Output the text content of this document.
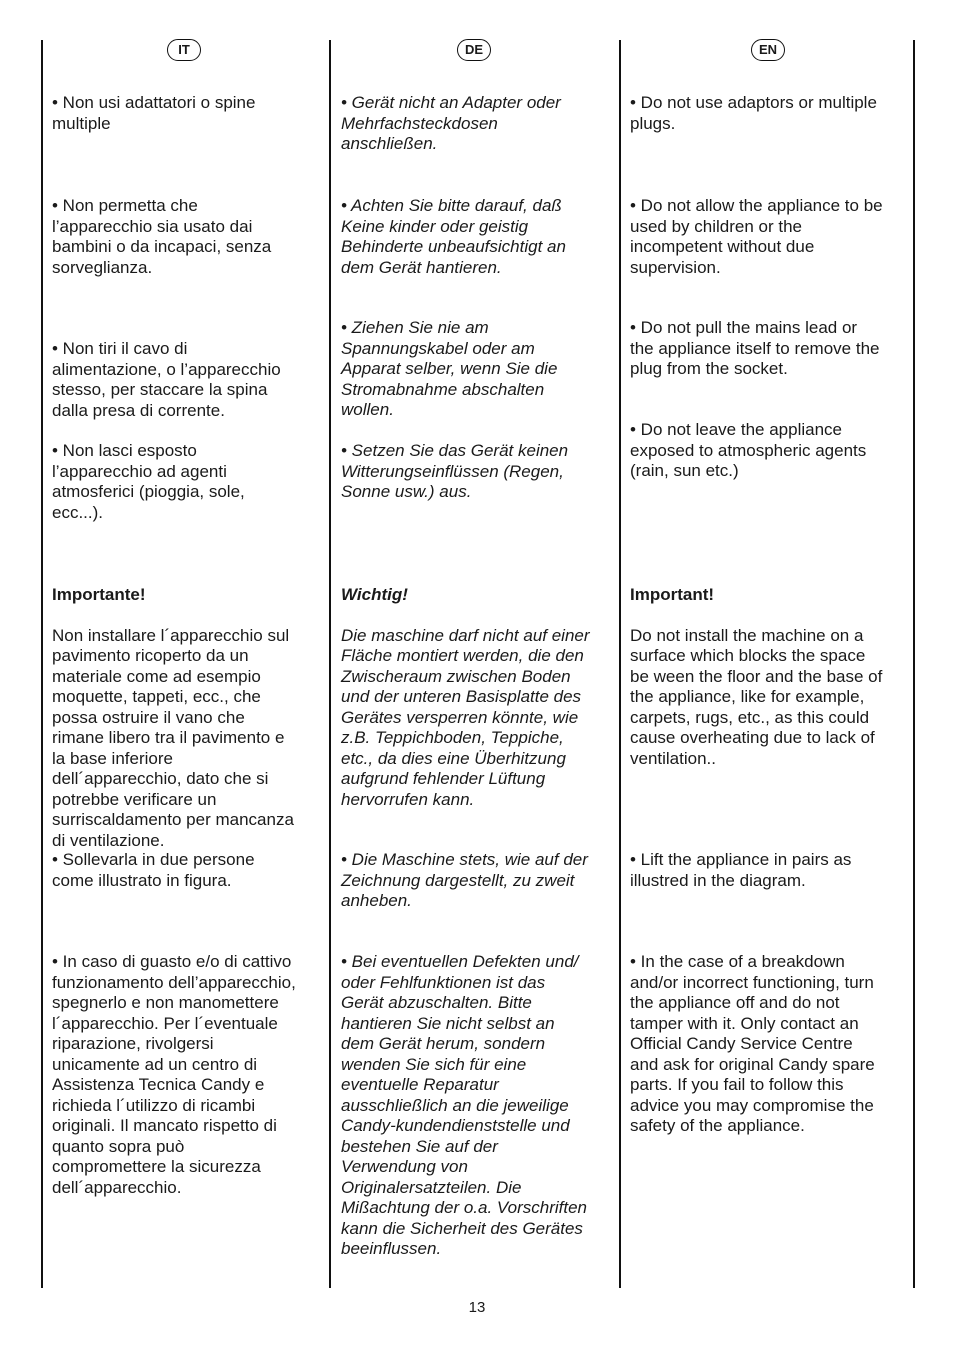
IT	DE	EN
• Non usi adattatori o spine
multiple
• Non permetta che
l’apparecchio sia usato dai
bambini o da incapaci, senza
sorveglianza.
• Non tiri il cavo di
alimentazione, o l’apparecchio
stesso, per staccare la spina
dalla presa di corrente.
• Non lasci esposto
l’apparecchio ad agenti
atmosferici (pioggia, sole,
ecc...).

Importante!

Non installare l´apparecchio sul
pavimento ricoperto da un
materiale come ad esempio
moquette, tappeti, ecc., che
possa ostruire il vano che
rimane libero tra il pavimento e
la base inferiore
dell´apparecchio, dato che si
potrebbe verificare un
surriscaldamento per mancanza
di ventilazione.

• Sollevarla in due persone
come illustrato in figura.
• In caso di guasto e/o di cattivo
funzionamento dell’apparecchio,
spegnerlo e non manomettere
l´apparecchio. Per l´eventuale
riparazione, rivolgersi
unicamente ad un centro di
Assistenza Tecnica Candy e
richieda l´utilizzo di ricambi
originali. Il mancato rispetto di
quanto sopra può
compromettere la sicurezza
dell´apparecchio.
• Gerät nicht an Adapter oder
Mehrfachsteckdosen
anschließen.
• Achten Sie bitte darauf, daß
Keine kinder oder geistig
Behinderte unbeaufsichtigt an
dem Gerät hantieren.
• Ziehen Sie nie am
Spannungskabel oder am
Apparat selber, wenn Sie die
Stromabnahme abschalten
wollen.
• Setzen Sie das Gerät keinen
Witterungseinflüssen (Regen,
Sonne usw.) aus.

Wichtig!

Die maschine darf nicht auf einer
Fläche montiert werden, die den
Zwischeraum zwischen Boden
und der unteren Basisplatte des
Gerätes versperren könnte, wie
z.B. Teppichboden, Teppiche,
etc., da dies eine Überhitzung
aufgrund fehlender Lüftung
hervorrufen kann.

• Die Maschine stets, wie auf der
Zeichnung dargestellt, zu zweit
anheben.
• Bei eventuellen Defekten und/
oder Fehlfunktionen ist das
Gerät abzuschalten. Bitte
hantieren Sie nicht selbst an
dem Gerät herum, sondern
wenden Sie sich für eine
eventuelle Reparatur
ausschließlich an die jeweilige
Candy-kundendienststelle und
bestehen Sie auf der
Verwendung von
Originalersatzteilen. Die
Mißachtung der o.a. Vorschriften
kann die Sicherheit des Gerätes
beeinflussen.
• Do not use adaptors or multiple
plugs.
• Do not allow the appliance to be
used by children or the
incompetent without due
supervision.
• Do not pull the mains lead or
the appliance itself to remove the
plug from the socket.
• Do not leave the appliance
exposed to atmospheric agents
(rain, sun etc.)

Important!

Do not install the machine on a
surface which blocks the space
be ween the floor and the base of
the appliance, like for example,
carpets, rugs, etc., as this could
cause overheating due to lack of
ventilation..

• Lift the appliance in pairs as
illustred in the diagram.
• In the case of a breakdown
and/or incorrect functioning, turn
the appliance off and do not
tamper with it. Only contact an
Official Candy Service Centre
and ask for original Candy spare
parts. If you fail to follow this
advice you may compromise the
safety of the appliance.
13
